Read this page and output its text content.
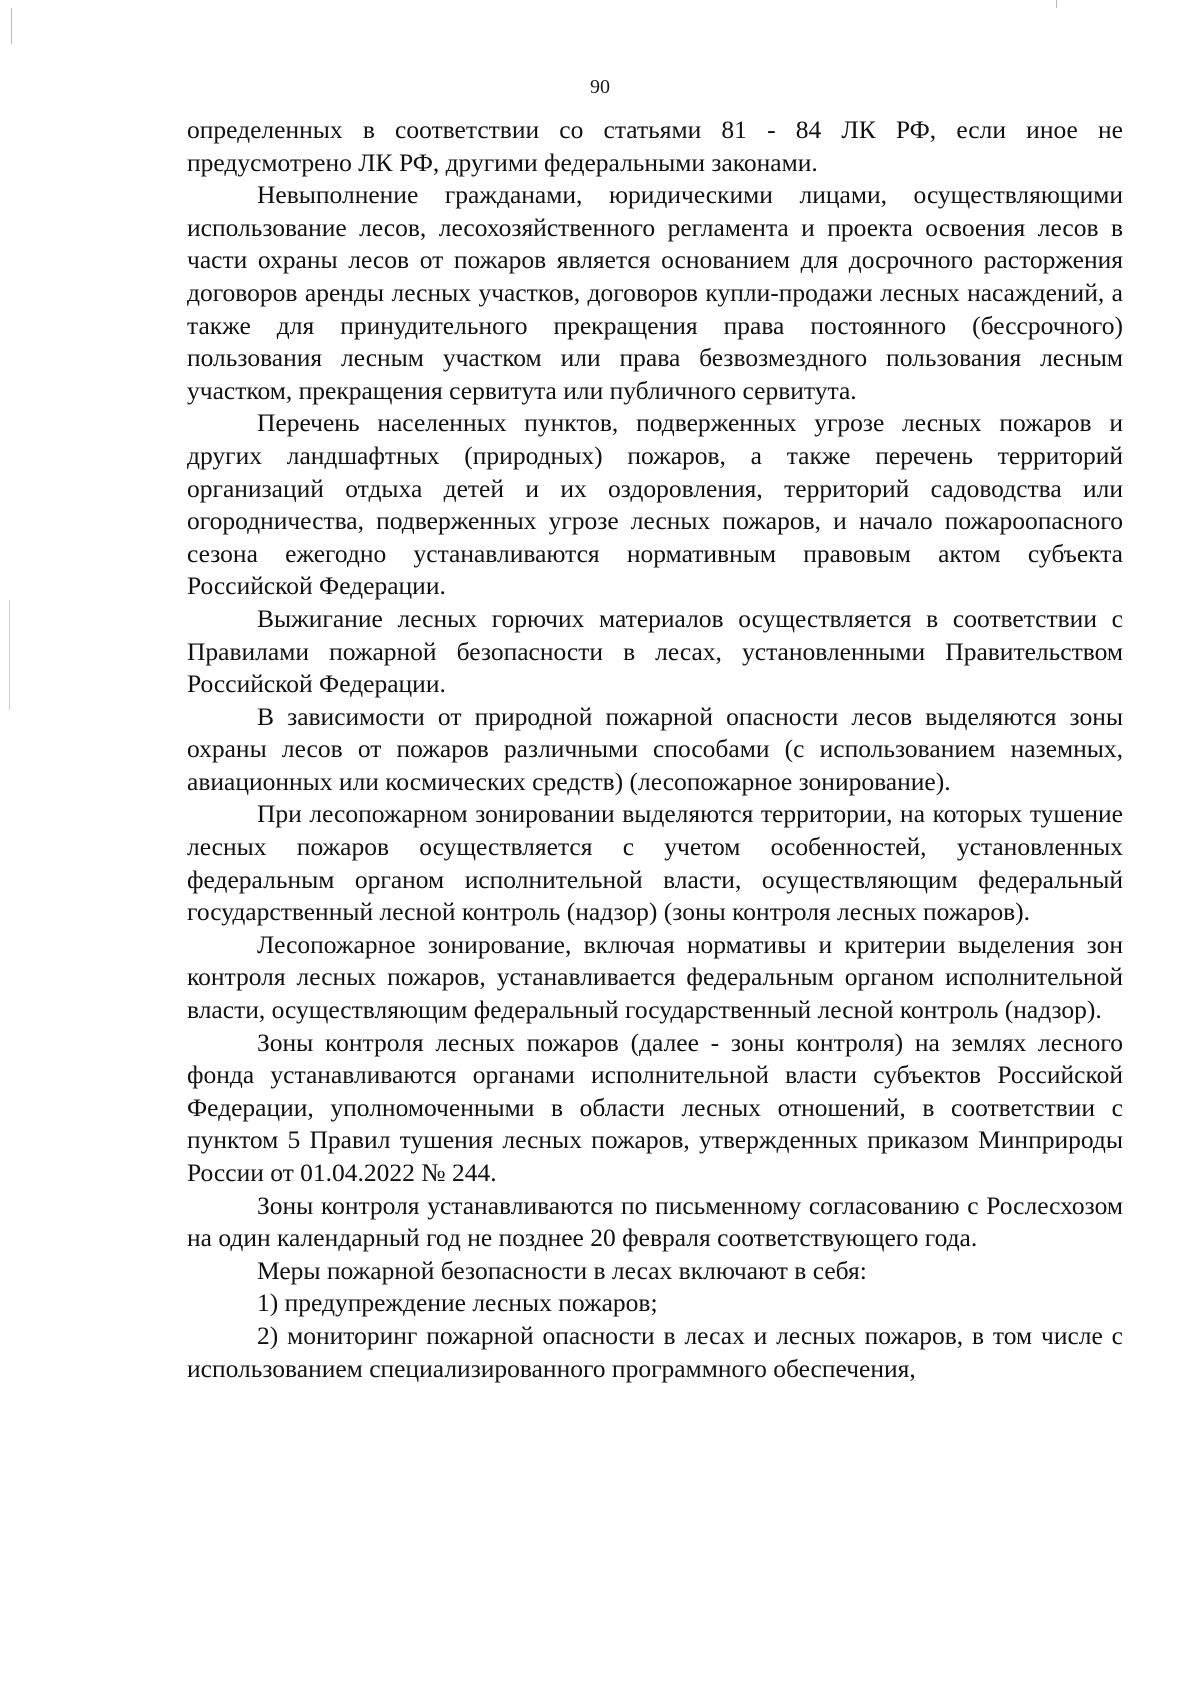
90

определенных в соответствии со статьями 81 - 84 ЛК РФ, если иное не предусмотрено ЛК РФ, другими федеральными законами.

Невыполнение гражданами, юридическими лицами, осуществляющими использование лесов, лесохозяйственного регламента и проекта освоения лесов в части охраны лесов от пожаров является основанием для досрочного расторжения договоров аренды лесных участков, договоров купли-продажи лесных насаждений, а также для принудительного прекращения права постоянного (бессрочного) пользования лесным участком или права безвозмездного пользования лесным участком, прекращения сервитута или публичного сервитута.

Перечень населенных пунктов, подверженных угрозе лесных пожаров и других ландшафтных (природных) пожаров, а также перечень территорий организаций отдыха детей и их оздоровления, территорий садоводства или огородничества, подверженных угрозе лесных пожаров, и начало пожароопасного сезона ежегодно устанавливаются нормативным правовым актом субъекта Российской Федерации.

Выжигание лесных горючих материалов осуществляется в соответствии с Правилами пожарной безопасности в лесах, установленными Правительством Российской Федерации.

В зависимости от природной пожарной опасности лесов выделяются зоны охраны лесов от пожаров различными способами (с использованием наземных, авиационных или космических средств) (лесопожарное зонирование).

При лесопожарном зонировании выделяются территории, на которых тушение лесных пожаров осуществляется с учетом особенностей, установленных федеральным органом исполнительной власти, осуществляющим федеральный государственный лесной контроль (надзор) (зоны контроля лесных пожаров).

Лесопожарное зонирование, включая нормативы и критерии выделения зон контроля лесных пожаров, устанавливается федеральным органом исполнительной власти, осуществляющим федеральный государственный лесной контроль (надзор).

Зоны контроля лесных пожаров (далее - зоны контроля) на землях лесного фонда устанавливаются органами исполнительной власти субъектов Российской Федерации, уполномоченными в области лесных отношений, в соответствии с пунктом 5 Правил тушения лесных пожаров, утвержденных приказом Минприроды России от 01.04.2022 № 244.

Зоны контроля устанавливаются по письменному согласованию с Рослесхозом на один календарный год не позднее 20 февраля соответствующего года.

Меры пожарной безопасности в лесах включают в себя:

1) предупреждение лесных пожаров;

2) мониторинг пожарной опасности в лесах и лесных пожаров, в том числе с использованием специализированного программного обеспечения,
